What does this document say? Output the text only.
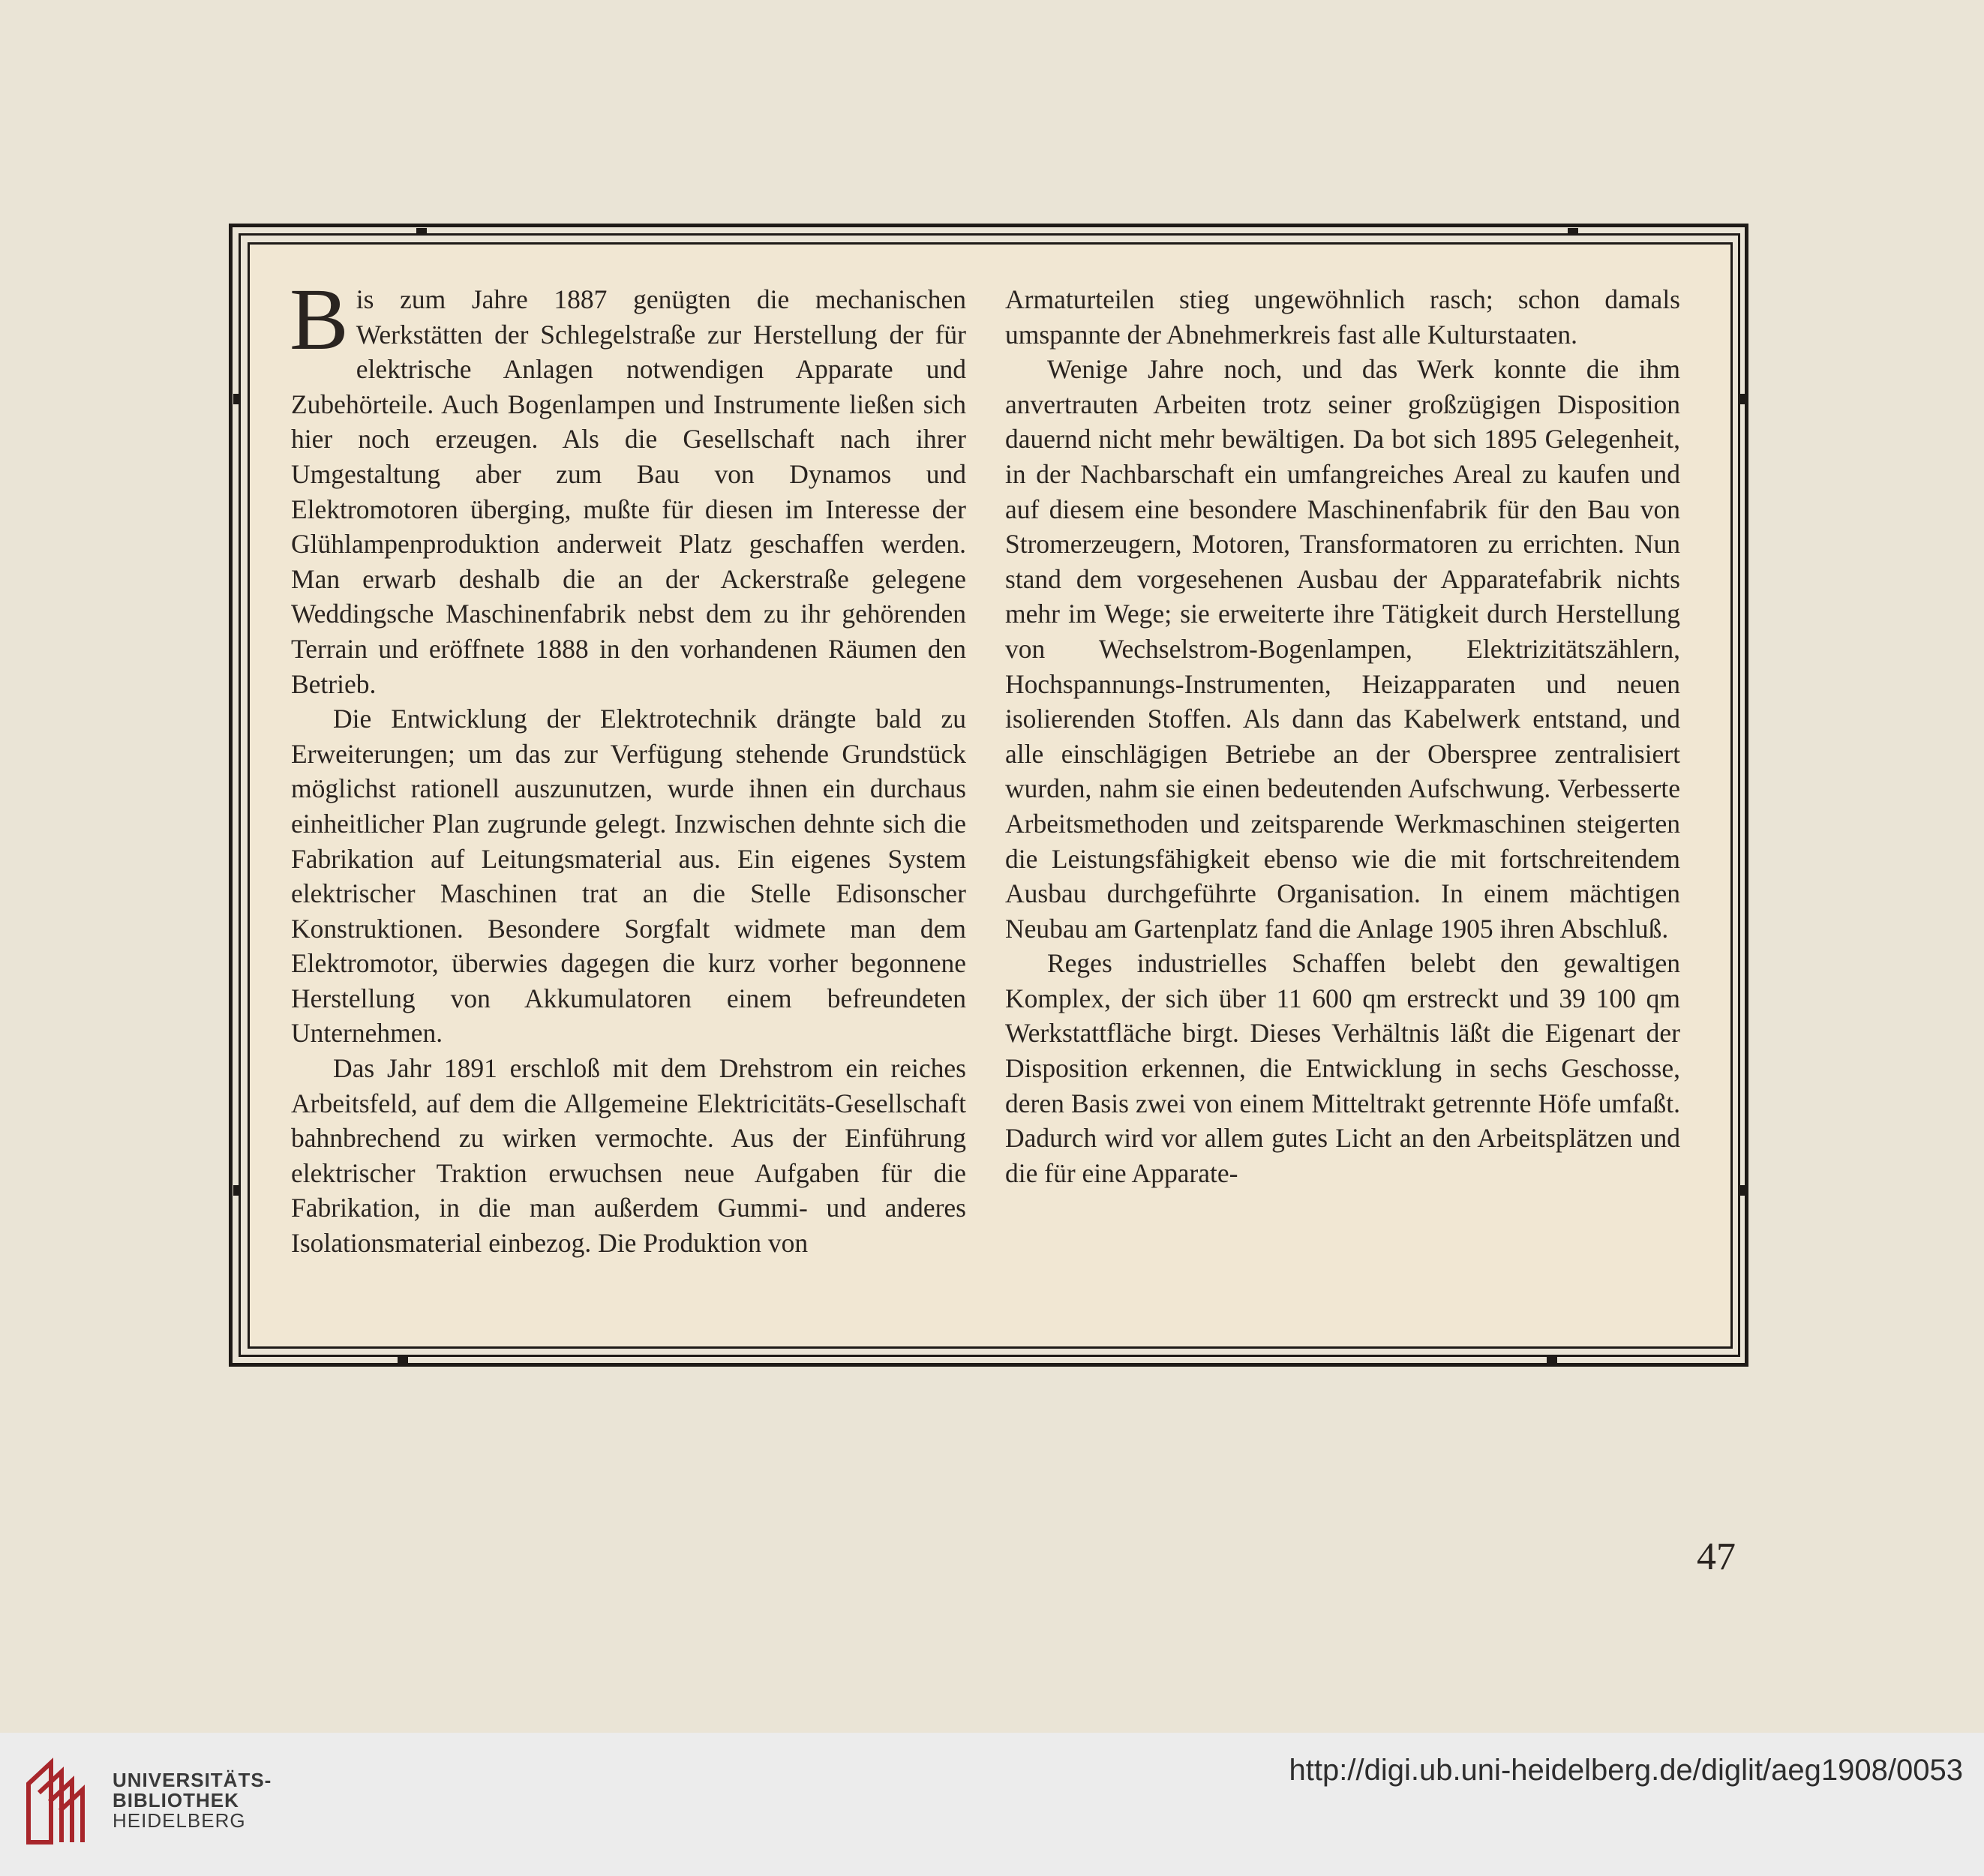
Bis zum Jahre 1887 genügten die mechanischen Werkstätten der Schlegelstraße zur Herstellung der für elektrische Anlagen notwendigen Apparate und Zubehörteile. Auch Bogenlampen und Instrumente ließen sich hier noch erzeugen. Als die Gesellschaft nach ihrer Umgestaltung aber zum Bau von Dynamos und Elektromotoren überging, mußte für diesen im Interesse der Glühlampenproduktion anderweit Platz geschaffen werden. Man erwarb deshalb die an der Ackerstraße gelegene Weddingsche Maschinenfabrik nebst dem zu ihr gehörenden Terrain und eröffnete 1888 in den vorhandenen Räumen den Betrieb.

Die Entwicklung der Elektrotechnik drängte bald zu Erweiterungen; um das zur Verfügung stehende Grundstück möglichst rationell auszunutzen, wurde ihnen ein durchaus einheitlicher Plan zugrunde gelegt. Inzwischen dehnte sich die Fabrikation auf Leitungsmaterial aus. Ein eigenes System elektrischer Maschinen trat an die Stelle Edisonscher Konstruktionen. Besondere Sorgfalt widmete man dem Elektromotor, überwies dagegen die kurz vorher begonnene Herstellung von Akkumulatoren einem befreundeten Unternehmen.

Das Jahr 1891 erschloß mit dem Drehstrom ein reiches Arbeitsfeld, auf dem die Allgemeine Elektricitäts-Gesellschaft bahnbrechend zu wirken vermochte. Aus der Einführung elektrischer Traktion erwuchsen neue Aufgaben für die Fabrikation, in die man außerdem Gummi- und anderes Isolationsmaterial einbezog. Die Produktion von

Armaturteilen stieg ungewöhnlich rasch; schon damals umspannte der Abnehmerkreis fast alle Kulturstaaten.

Wenige Jahre noch, und das Werk konnte die ihm anvertrauten Arbeiten trotz seiner großzügigen Disposition dauernd nicht mehr bewältigen. Da bot sich 1895 Gelegenheit, in der Nachbarschaft ein umfangreiches Areal zu kaufen und auf diesem eine besondere Maschinenfabrik für den Bau von Stromerzeugern, Motoren, Transformatoren zu errichten. Nun stand dem vorgesehenen Ausbau der Apparatefabrik nichts mehr im Wege; sie erweiterte ihre Tätigkeit durch Herstellung von Wechselstrom-Bogenlampen, Elektrizitätszählern, Hochspannungs-Instrumenten, Heizapparaten und neuen isolierenden Stoffen. Als dann das Kabelwerk entstand, und alle einschlägigen Betriebe an der Oberspree zentralisiert wurden, nahm sie einen bedeutenden Aufschwung. Verbesserte Arbeitsmethoden und zeitsparende Werkmaschinen steigerten die Leistungsfähigkeit ebenso wie die mit fortschreitendem Ausbau durchgeführte Organisation. In einem mächtigen Neubau am Gartenplatz fand die Anlage 1905 ihren Abschluß.

Reges industrielles Schaffen belebt den gewaltigen Komplex, der sich über 11 600 qm erstreckt und 39 100 qm Werkstattfläche birgt. Dieses Verhältnis läßt die Eigenart der Disposition erkennen, die Entwicklung in sechs Geschosse, deren Basis zwei von einem Mitteltrakt getrennte Höfe umfaßt. Dadurch wird vor allem gutes Licht an den Arbeitsplätzen und die für eine Apparate-

47
UNIVERSITÄTS-
BIBLIOTHEK
HEIDELBERG
http://digi.ub.uni-heidelberg.de/diglit/aeg1908/0053
